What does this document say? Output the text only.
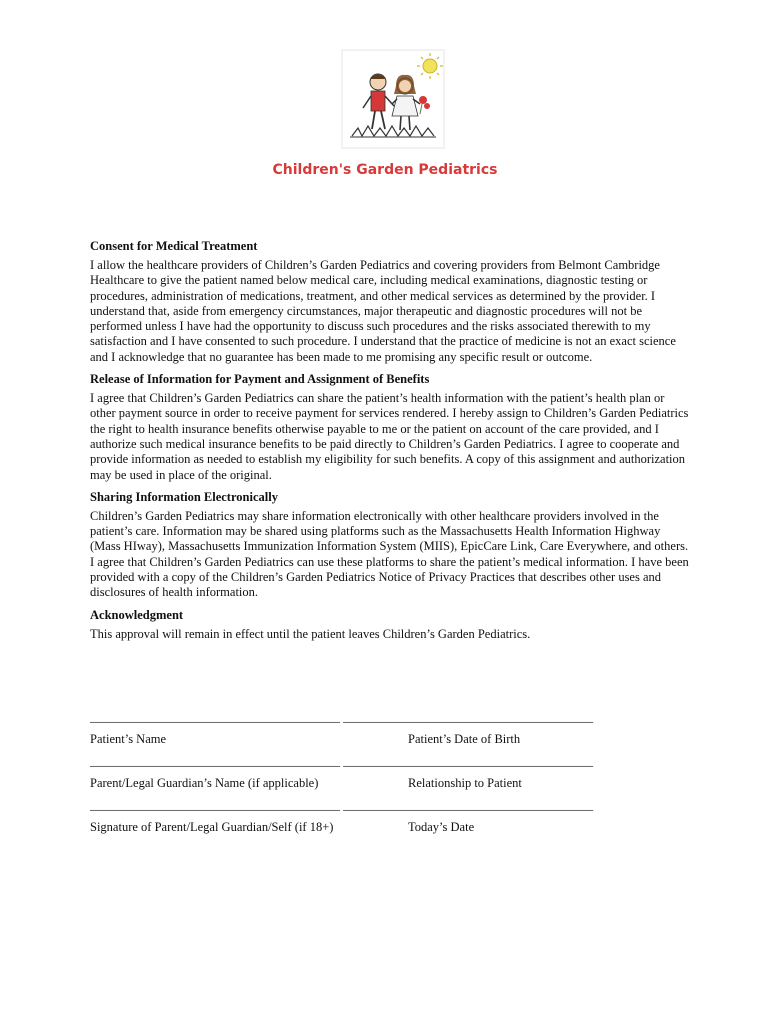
Children's Garden Pediatrics
Consent for Medical Treatment

I allow the healthcare providers of Children’s Garden Pediatrics and covering providers from Belmont Cambridge Healthcare to give the patient named below medical care, including medical examinations, diagnostic testing or procedures, administration of medications, treatment, and other medical services as determined by the provider. I understand that, aside from emergency circumstances, major therapeutic and diagnostic procedures will not be performed unless I have had the opportunity to discuss such procedures and the risks associated therewith to my satisfaction and I have consented to such procedure. I understand that the practice of medicine is not an exact science and I acknowledge that no guarantee has been made to me promising any specific result or outcome.

Release of Information for Payment and Assignment of Benefits

I agree that Children’s Garden Pediatrics can share the patient’s health information with the patient’s health plan or other payment source in order to receive payment for services rendered. I hereby assign to Children’s Garden Pediatrics the right to health insurance benefits otherwise payable to me or the patient on account of the care provided, and I authorize such medical insurance benefits to be paid directly to Children’s Garden Pediatrics. I agree to cooperate and provide information as needed to establish my eligibility for such benefits. A copy of this assignment and authorization may be used in place of the original.

Sharing Information Electronically

Children’s Garden Pediatrics may share information electronically with other healthcare providers involved in the patient’s care. Information may be shared using platforms such as the Massachusetts Health Information Highway (Mass HIway), Massachusetts Immunization Information System (MIIS), EpicCare Link, Care Everywhere, and others. I agree that Children’s Garden Pediatrics can use these platforms to share the patient’s medical information. I have been provided with a copy of the Children’s Garden Pediatrics Notice of Privacy Practices that describes other uses and disclosures of health information.

Acknowledgment

This approval will remain in effect until the patient leaves Children’s Garden Pediatrics.

________________________________________ ________________________________________
Patient’s Name	Patient’s Date of Birth
________________________________________ ________________________________________
Parent/Legal Guardian’s Name (if applicable)	Relationship to Patient
________________________________________ ________________________________________
Signature of Parent/Legal Guardian/Self (if 18+)	Today’s Date
